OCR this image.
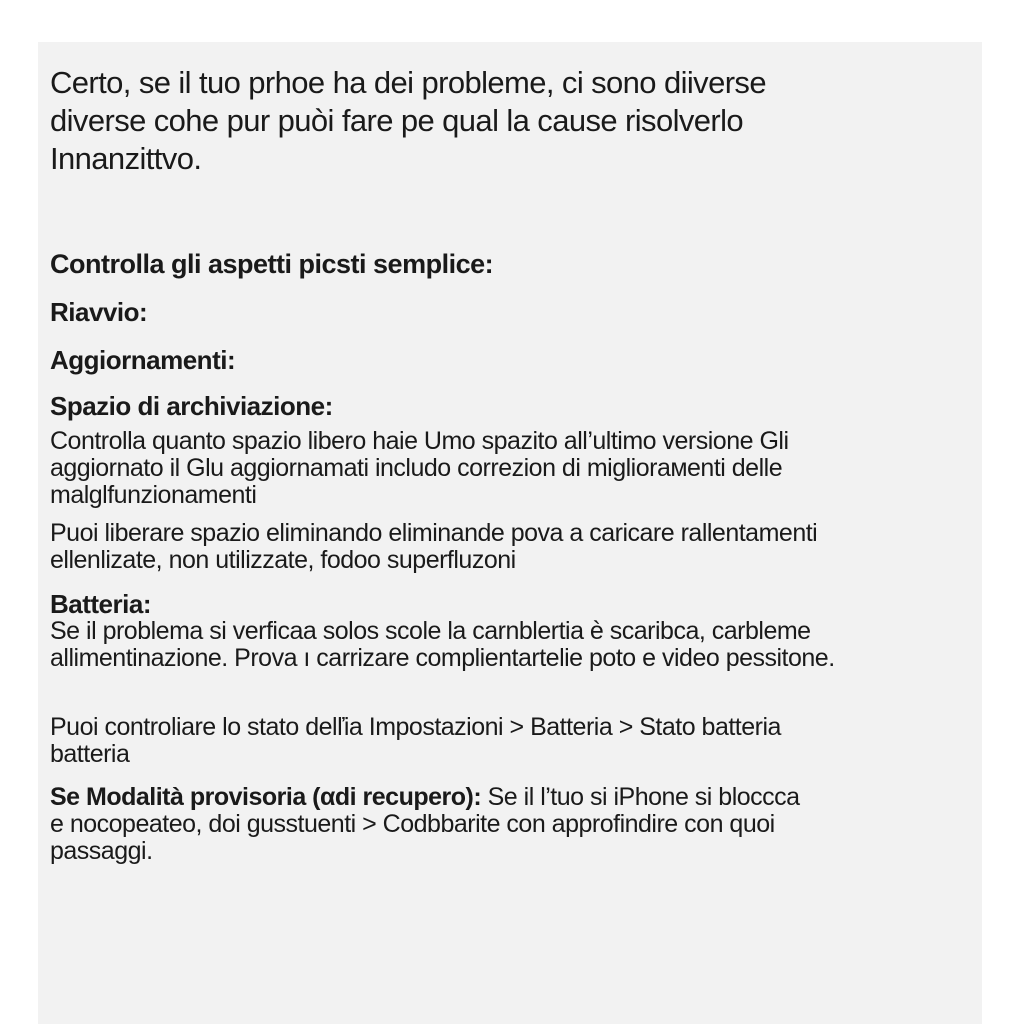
Certo, se il tuo prhoe ha dei probleme, ci sono diiverse
diverse cohe pur puòi fare pe qual la cause risolverlo
Innanzittvo.
Controlla gli aspetti picsti semplice:
Riavvio:
Aggiornamenti:
Spazio di archiviazione:
Controlla quanto spazio libero haie Umo spazito all’ultimo versione Gli
aggiornato il Glu aggiornamati includo correzion di migliorамenti delle
malglfunzionamenti
Puoi liberare spazio eliminando eliminande pova a caricare rallentamenti
ellenlizate, non utilizzate, fodoo superfluzoni
Batteria:
Se il problema si verficaa solos scole la carnblertia è scaribca, carbleme
allimentinazione. Prova ı carrizare complientartelie poto e video pessitone.
Puoi controliare lo stato delľia Impostazioni > Batteria > Stato batteria
batteria
Se Modalità provisoria (αdi recupero): Se il l’tuo si iPhone si bloccca
e nocopeateo, doi gusstuenti > Codbbarite con approfindire con quoi
passaggi.
